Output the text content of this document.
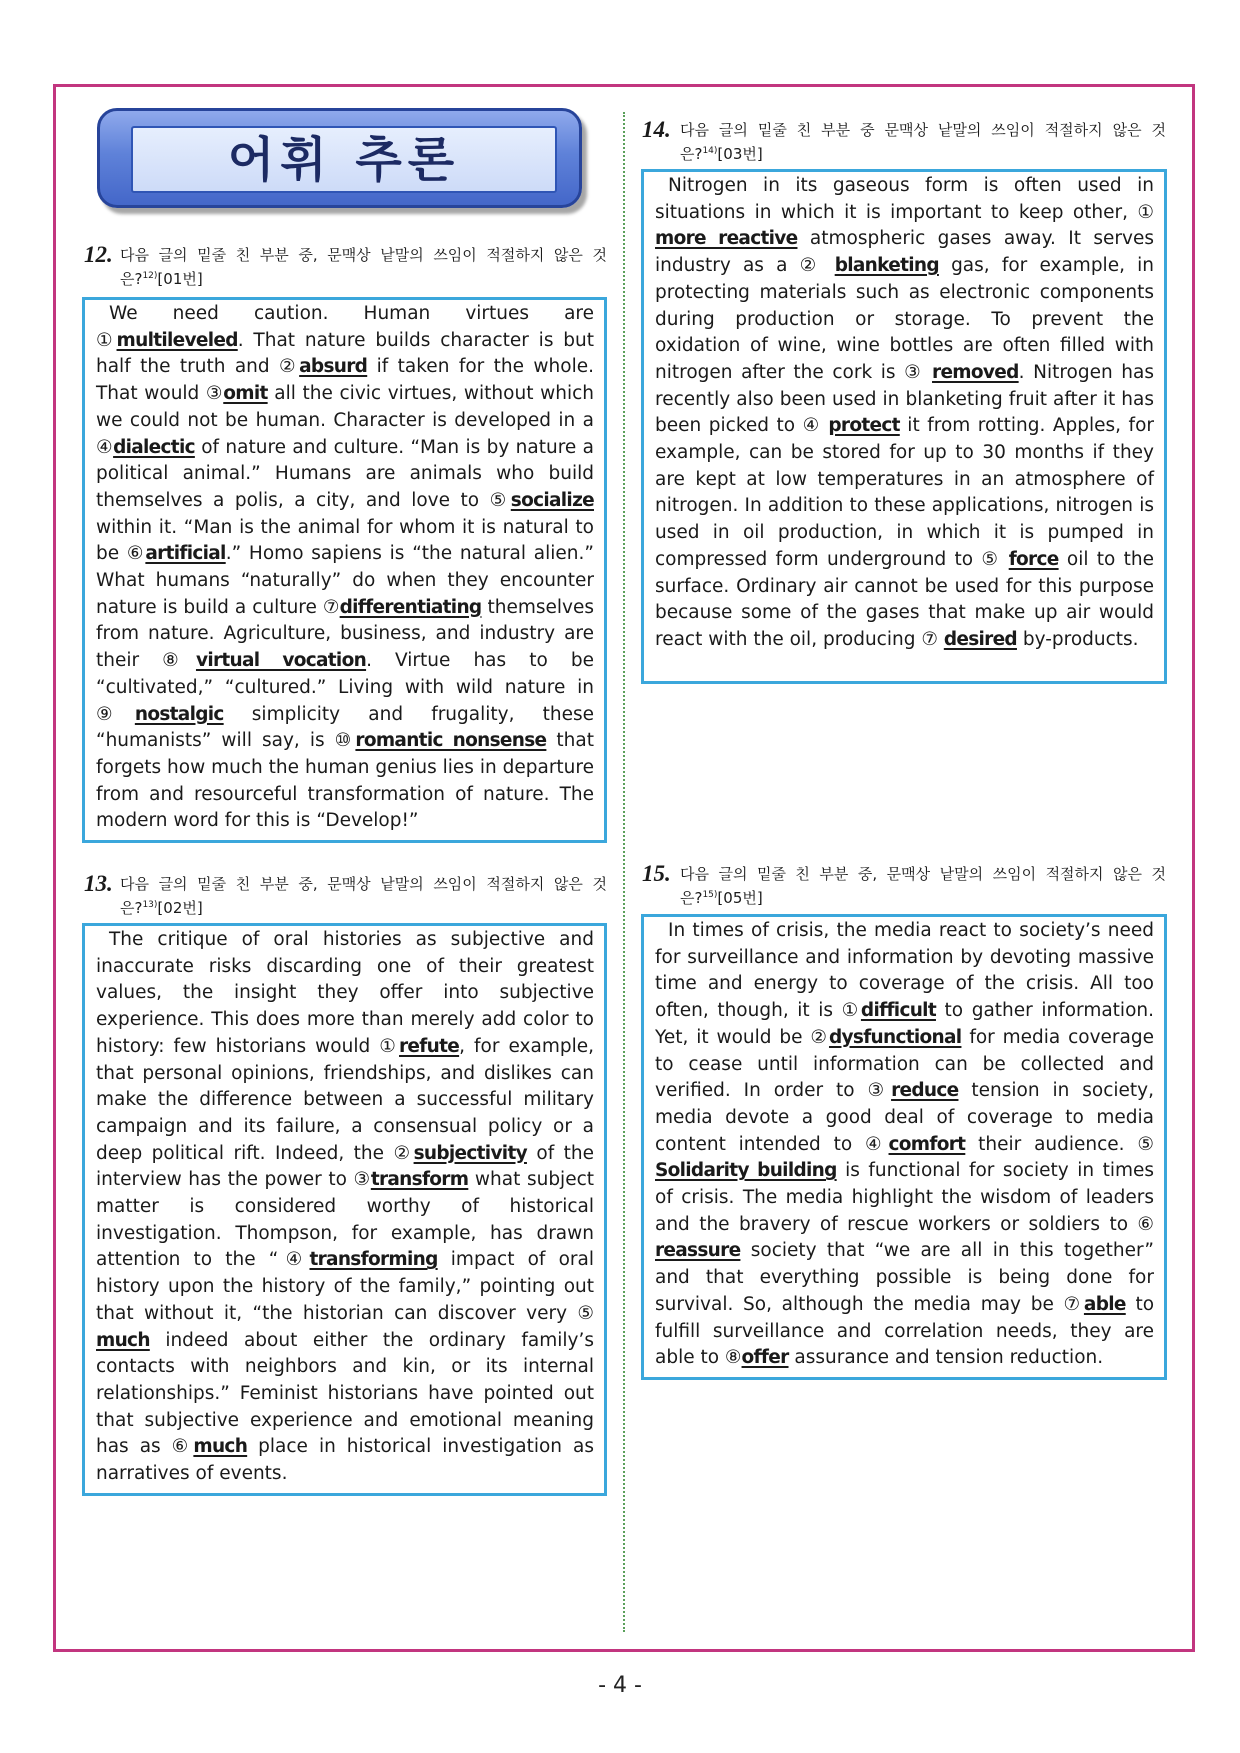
어휘 추론
12. 다음 글의 밑줄 친 부분 중, 문맥상 낱말의 쓰임이 적절하지 않은 것
은?$^{12)}$[01번]
We need caution. Human virtues are ①multileveled. That nature builds character is but half the truth and ②absurd if taken for the whole. That would ③omit all the civic virtues, without which we could not be human. Character is developed in a ④dialectic of nature and culture. “Man is by nature a political animal.” Humans are animals who build themselves a polis, a city, and love to ⑤socialize within it. “Man is the animal for whom it is natural to be ⑥artificial.” Homo sapiens is “the natural alien.” What humans “naturally” do when they encounter nature is build a culture ⑦differentiating themselves from nature. Agriculture, business, and industry are their ⑧virtual vocation. Virtue has to be “cultivated,” “cultured.” Living with wild nature in ⑨nostalgic simplicity and frugality, these “humanists” will say, is ⑩romantic nonsense that forgets how much the human genius lies in departure from and resourceful transformation of nature. The modern word for this is “Develop!”
13. 다음 글의 밑줄 친 부분 중, 문맥상 낱말의 쓰임이 적절하지 않은 것
은?$^{13)}$[02번]
The critique of oral histories as subjective and inaccurate risks discarding one of their greatest values, the insight they offer into subjective experience. This does more than merely add color to history: few historians would ①refute, for example, that personal opinions, friendships, and dislikes can make the difference between a successful military campaign and its failure, a consensual policy or a deep political rift. Indeed, the ②subjectivity of the interview has the power to ③transform what subject matter is considered worthy of historical investigation. Thompson, for example, has drawn attention to the “④transforming impact of oral history upon the history of the family,” pointing out that without it, “the historian can discover very ⑤ much indeed about either the ordinary family’s contacts with neighbors and kin, or its internal relationships.” Feminist historians have pointed out that subjective experience and emotional meaning has as ⑥much place in historical investigation as narratives of events.
14. 다음 글의 밑줄 친 부분 중 문맥상 낱말의 쓰임이 적절하지 않은 것
은?$^{14)}$[03번]
Nitrogen in its gaseous form is often used in situations in which it is important to keep other, ① more reactive atmospheric gases away. It serves industry as a ② blanketing gas, for example, in protecting materials such as electronic components during production or storage. To prevent the oxidation of wine, wine bottles are often filled with nitrogen after the cork is ③ removed. Nitrogen has recently also been used in blanketing fruit after it has been picked to ④ protect it from rotting. Apples, for example, can be stored for up to 30 months if they are kept at low temperatures in an atmosphere of nitrogen. In addition to these applications, nitrogen is used in oil production, in which it is pumped in compressed form underground to ⑤ force oil to the surface. Ordinary air cannot be used for this purpose because some of the gases that make up air would react with the oil, producing ⑦ desired by-products.
15. 다음 글의 밑줄 친 부분 중, 문맥상 낱말의 쓰임이 적절하지 않은 것
은?$^{15)}$[05번]
In times of crisis, the media react to society’s need for surveillance and information by devoting massive time and energy to coverage of the crisis. All too often, though, it is ①difficult to gather information. Yet, it would be ②dysfunctional for media coverage to cease until information can be collected and verified. In order to ③reduce tension in society, media devote a good deal of coverage to media content intended to ④comfort their audience. ⑤ Solidarity building is functional for society in times of crisis. The media highlight the wisdom of leaders and the bravery of rescue workers or soldiers to ⑥ reassure society that “we are all in this together” and that everything possible is being done for survival. So, although the media may be ⑦able to fulfill surveillance and correlation needs, they are able to ⑧offer assurance and tension reduction.
- 4 -
